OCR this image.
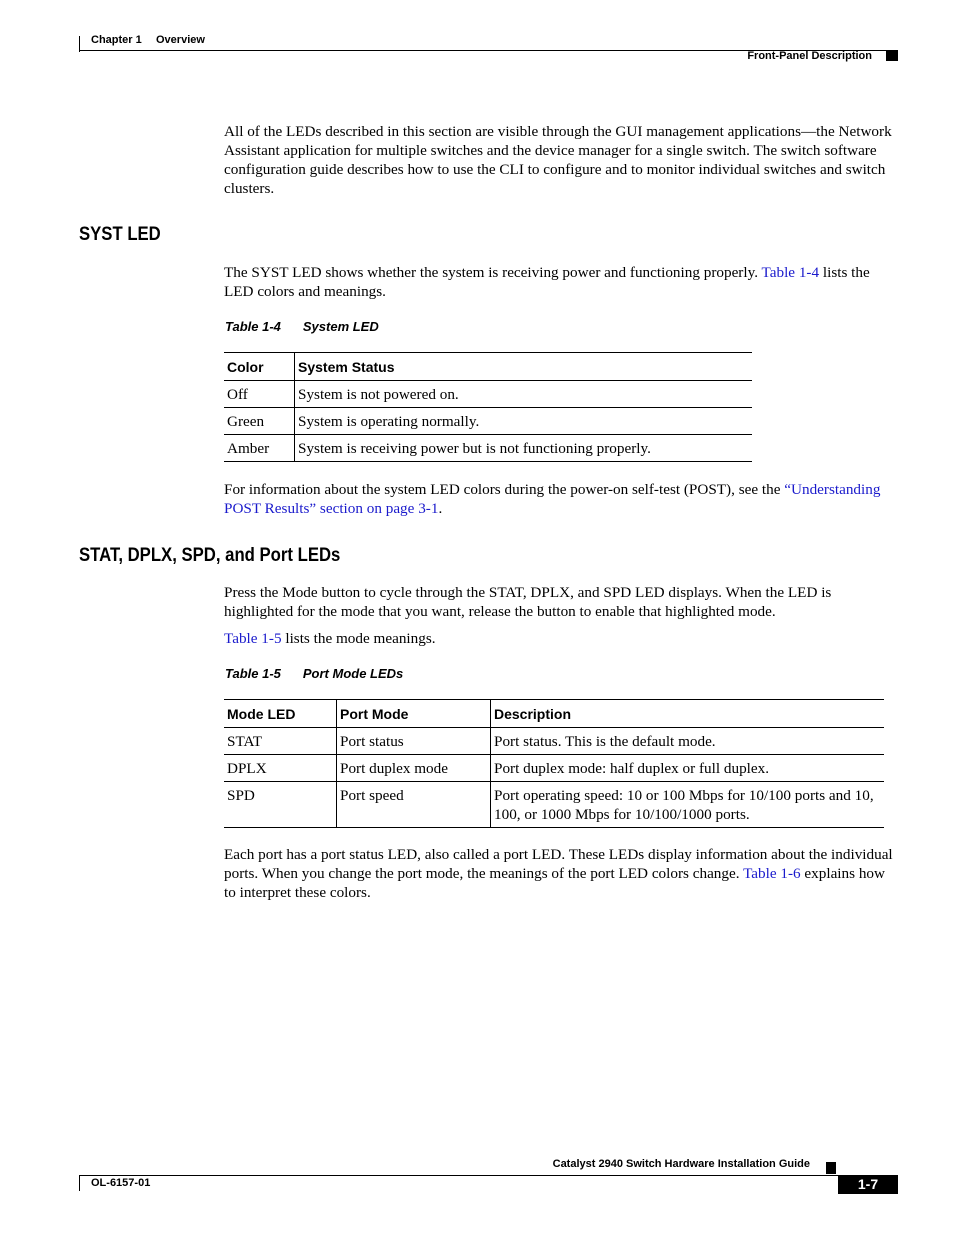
Chapter 1 Overview
Front-Panel Description
All of the LEDs described in this section are visible through the GUI management applications—the Network Assistant application for multiple switches and the device manager for a single switch. The switch software configuration guide describes how to use the CLI to configure and to monitor individual switches and switch clusters.
SYST LED
The SYST LED shows whether the system is receiving power and functioning properly. Table 1-4 lists the LED colors and meanings.
Table 1-4 System LED
Color	System Status
Off	System is not powered on.
Green	System is operating normally.
Amber	System is receiving power but is not functioning properly.
For information about the system LED colors during the power-on self-test (POST), see the “Understanding POST Results” section on page 3-1.
STAT, DPLX, SPD, and Port LEDs
Press the Mode button to cycle through the STAT, DPLX, and SPD LED displays. When the LED is highlighted for the mode that you want, release the button to enable that highlighted mode.
Table 1-5 lists the mode meanings.
Table 1-5 Port Mode LEDs
Mode LED	Port Mode	Description
STAT	Port status	Port status. This is the default mode.
DPLX	Port duplex mode	Port duplex mode: half duplex or full duplex.
SPD	Port speed	Port operating speed: 10 or 100 Mbps for 10/100 ports and 10, 100, or 1000 Mbps for 10/100/1000 ports.
Each port has a port status LED, also called a port LED. These LEDs display information about the individual ports. When you change the port mode, the meanings of the port LED colors change. Table 1-6 explains how to interpret these colors.
Catalyst 2940 Switch Hardware Installation Guide
OL-6157-01	1-7
